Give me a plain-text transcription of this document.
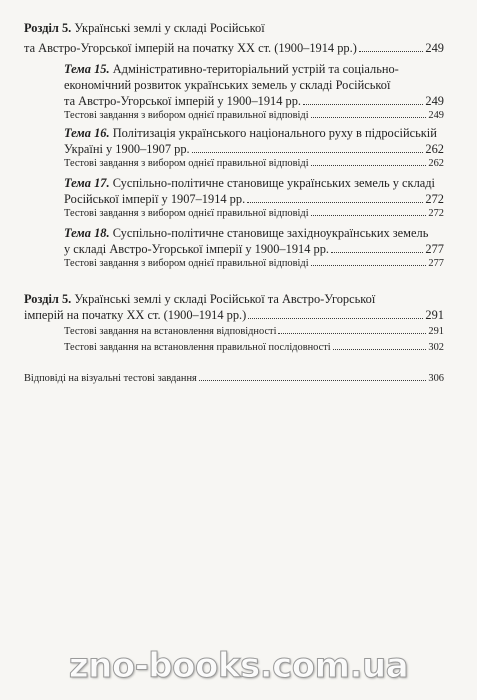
Розділ 5. Українські землі у складі Російської
та Австро-Угорської імперій на початку XX ст. (1900–1914 рр.)	249
Тема 15. Адміністративно-територіальний устрій та соціально-
економічний розвиток українських земель у складі Російської
та Австро-Угорської імперій у 1900–1914 рр.	249
Тестові завдання з вибором однієї правильної відповіді	249
Тема 16. Політизація українського національного руху в підросійській
Україні у 1900–1907 рр.	262
Тестові завдання з вибором однієї правильної відповіді	262
Тема 17. Суспільно-політичне становище українських земель у складі
Російської імперії у 1907–1914 рр.	272
Тестові завдання з вибором однієї правильної відповіді	272
Тема 18. Суспільно-політичне становище західноукраїнських земель
у складі Австро-Угорської імперії у 1900–1914 рр.	277
Тестові завдання з вибором однієї правильної відповіді	277
Розділ 5. Українські землі у складі Російської та Австро-Угорської
імперій на початку XX ст. (1900–1914 рр.)	291
Тестові завдання на встановлення відповідності	291
Тестові завдання на встановлення правильної послідовності	302
Відповіді на візуальні тестові завдання	306
zno-books.com.ua
